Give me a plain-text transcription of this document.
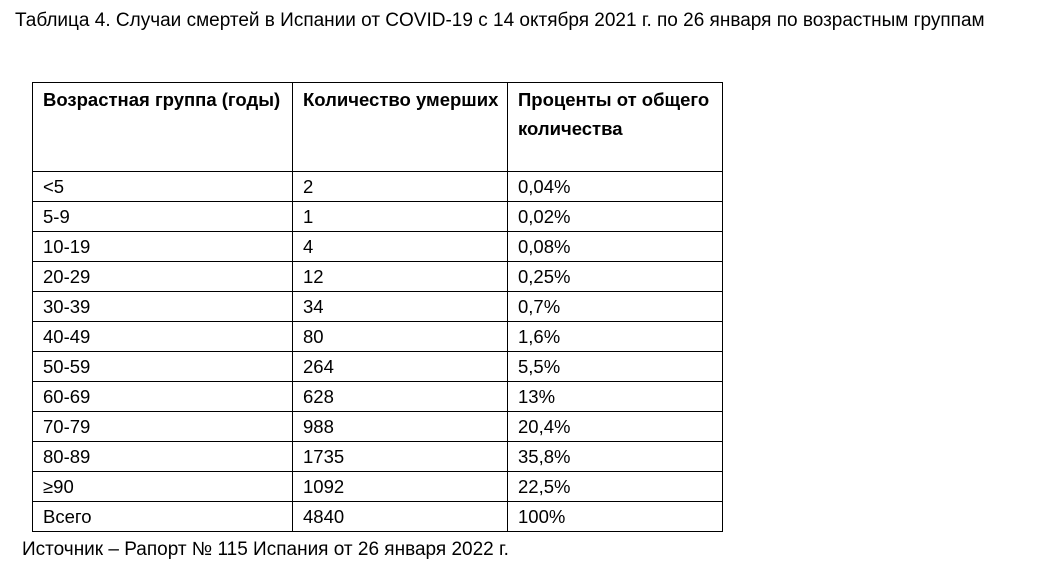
Таблица 4. Случаи смертей в Испании от COVID-19 с 14 октября 2021 г. по 26 января по возрастным группам

Возрастная группа (годы)	Количество умерших	Проценты от общего количества
<5	2	0,04%
5-9	1	0,02%
10-19	4	0,08%
20-29	12	0,25%
30-39	34	0,7%
40-49	80	1,6%
50-59	264	5,5%
60-69	628	13%
70-79	988	20,4%
80-89	1735	35,8%
≥90	1092	22,5%
Всего	4840	100%

Источник – Рапорт № 115 Испания от 26 января 2022 г.
